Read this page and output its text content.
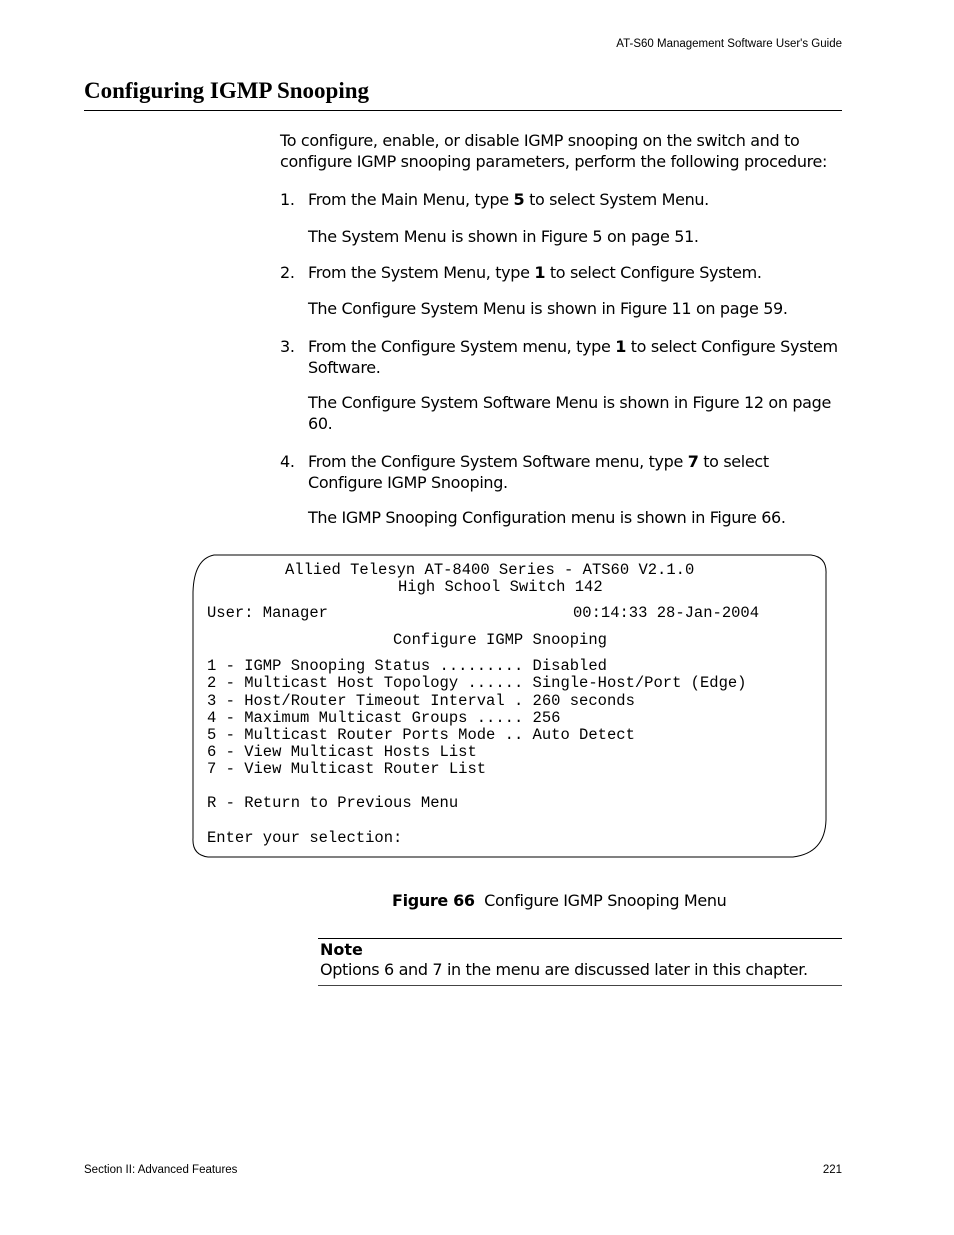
AT-S60 Management Software User's Guide
Configuring IGMP Snooping
To configure, enable, or disable IGMP snooping on the switch and to configure IGMP snooping parameters, perform the following procedure:
1. From the Main Menu, type 5 to select System Menu.
The System Menu is shown in Figure 5 on page 51.
2. From the System Menu, type 1 to select Configure System.
The Configure System Menu is shown in Figure 11 on page 59.
3. From the Configure System menu, type 1 to select Configure System Software.
The Configure System Software Menu is shown in Figure 12 on page 60.
4. From the Configure System Software menu, type 7 to select Configure IGMP Snooping.
The IGMP Snooping Configuration menu is shown in Figure 66.
Allied Telesyn AT-8400 Series - ATS60 V2.1.0
High School Switch 142
User: Manager	00:14:33 28-Jan-2004
Configure IGMP Snooping
1 - IGMP Snooping Status ......... Disabled
2 - Multicast Host Topology ...... Single-Host/Port (Edge)
3 - Host/Router Timeout Interval . 260 seconds
4 - Maximum Multicast Groups ..... 256
5 - Multicast Router Ports Mode .. Auto Detect
6 - View Multicast Hosts List
7 - View Multicast Router List
R - Return to Previous Menu
Enter your selection:
Figure 66 Configure IGMP Snooping Menu
Note
Options 6 and 7 in the menu are discussed later in this chapter.
Section II: Advanced Features	221
